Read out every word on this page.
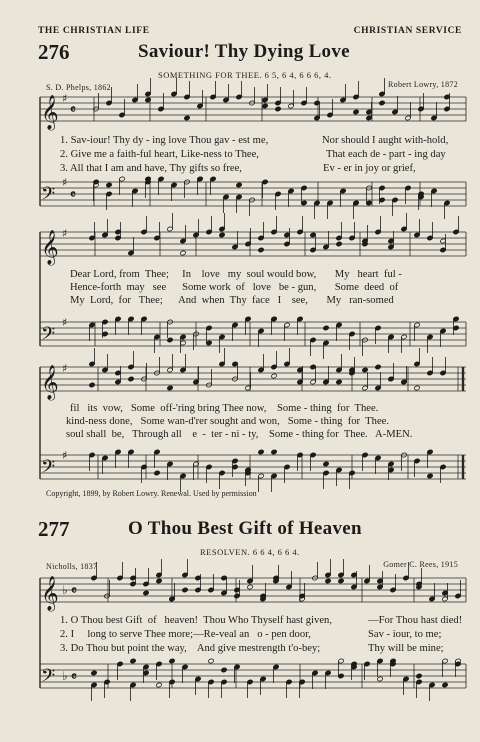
THE CHRISTIAN LIFE	CHRISTIAN SERVICE
276	Saviour! Thy Dying Love
SOMETHING FOR THEE. 6 5, 6 4, 6 6 6, 4.
S. D. Phelps, 1862	Robert Lowry, 1872
𝄞
𝄢
𝄞
𝄢
𝄞
𝄢
𝄞
𝄢
♯
♯
♯
♯
♯
♯
♭
♭
𝄴
𝄴
𝄴
𝄴
1. Sav-iour! Thy dy - ing love Thou gav - est me,	Nor should I aught with-hold,
2. Give me a faith-ful heart, Like-ness to Thee,	That each de - part - ing day
3. All that I am and have, Thy gifts so free,	Ev - er in joy or grief,
Dear Lord, from  Thee;     In    love   my  soul would bow,       My   heart  ful -
Hence-forth  may   see      Some work  of   love   be - gun,       Some  deed  of
My  Lord,  for   Thee;      And  when  Thy  face   I    see,       My   ran-somed
fil   its  vow,   Some  off-'ring bring Thee now,    Some - thing  for  Thee.
kind-ness done,   Some wan-d'rer sought and won,   Some - thing  for  Thee.
soul shall  be,   Through all    e  -  ter - ni - ty,    Some - thing for  Thee.   A-MEN.
Copyright, 1899, by Robert Lowry. Renewal. Used by permission
277	O Thou Best Gift of Heaven
RESOLVEN. 6 6 4, 6 6 4.
Nicholls, 1837	Gomer C. Rees, 1915
1. O Thou best Gift  of   heaven!  Thou Who Thyself hast given,	—For Thou hast died!
2. I     long to serve Thee more;—Re-veal an   o - pen door,	Sav - iour, to me;
3. Do Thou but point the way,    And give mestrength t'o-bey;	Thy will be mine;
